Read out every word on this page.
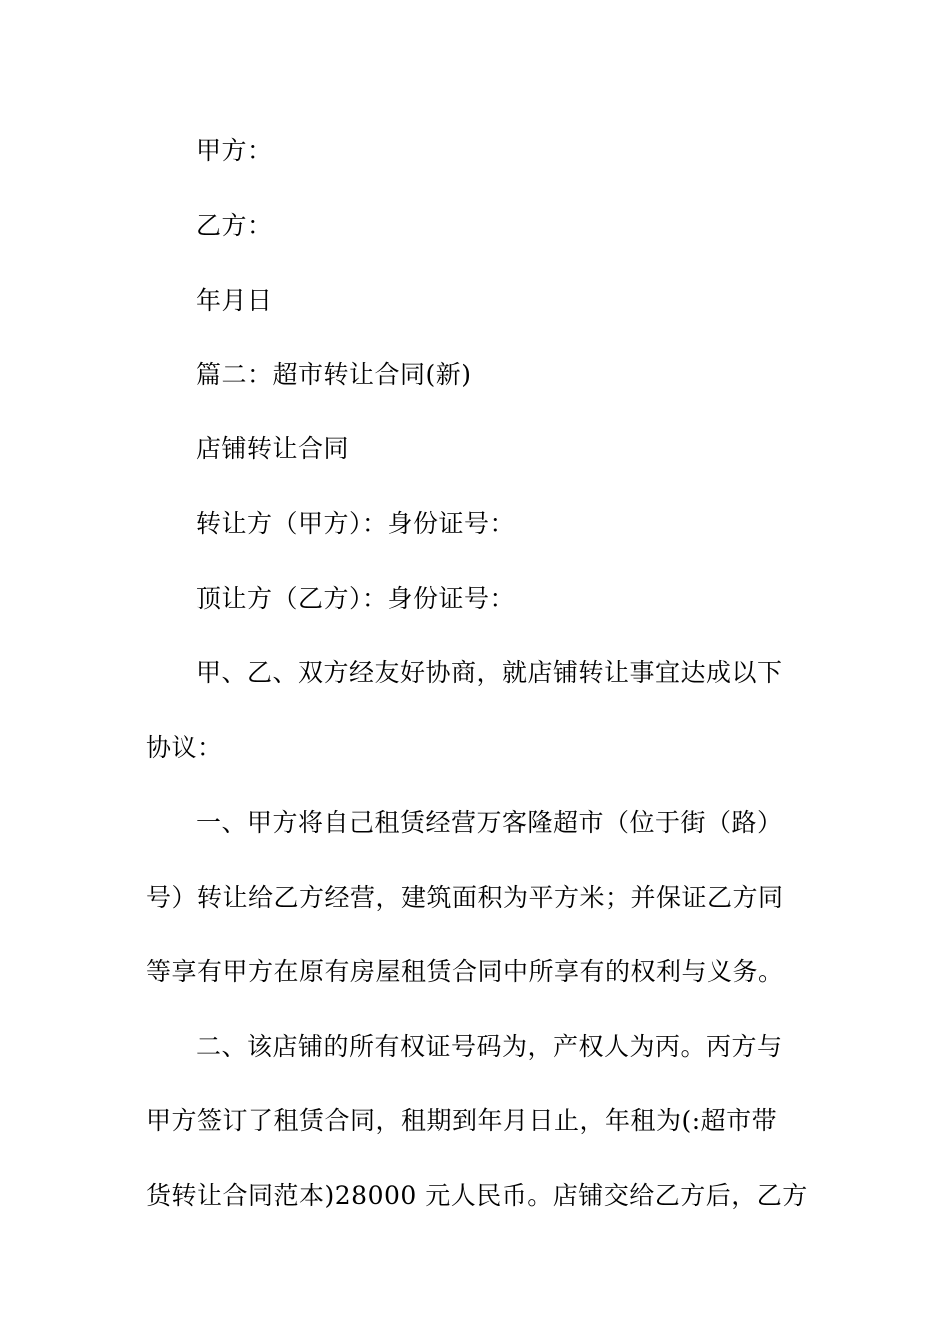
甲方：
乙方：
年月日
篇二：超市转让合同(新)
店铺转让合同
转让方（甲方）：身份证号：
顶让方（乙方）：身份证号：
甲、乙、双方经友好协商，就店铺转让事宜达成以下
协议：
一、甲方将自己租赁经营万客隆超市（位于街（路）
号）转让给乙方经营，建筑面积为平方米；并保证乙方同
等享有甲方在原有房屋租赁合同中所享有的权利与义务。
二、该店铺的所有权证号码为，产权人为丙。丙方与
甲方签订了租赁合同，租期到年月日止，年租为(:超市带
货转让合同范本)28000 元人民币。店铺交给乙方后，乙方
